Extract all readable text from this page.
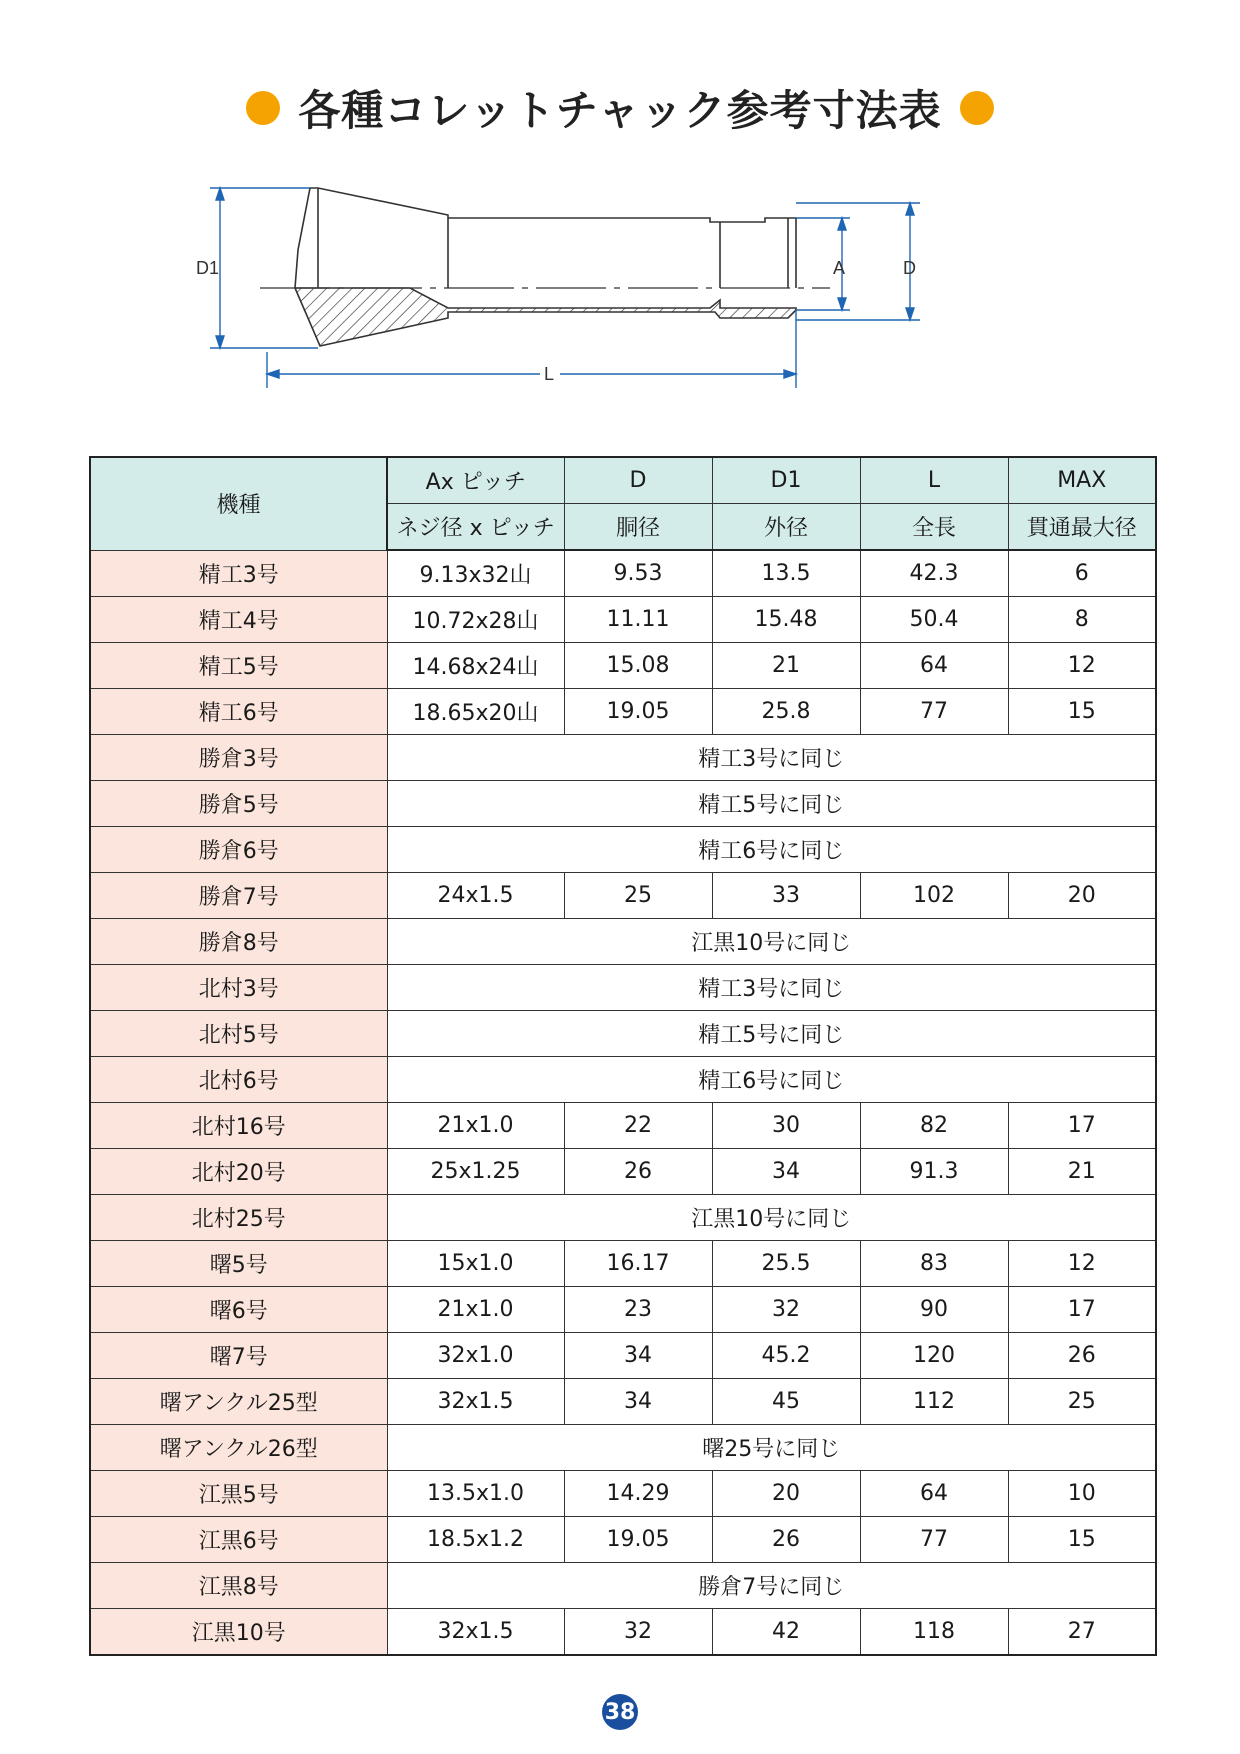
各種コレットチャック参考寸法表
D1	A	D
L
機種	Ax ピッチ	D	D1	L	MAX
	ネジ径 x ピッチ	胴径	外径	全長	貫通最大径
精工3号	9.13x32山	9.53	13.5	42.3	6
精工4号	10.72x28山	11.11	15.48	50.4	8
精工5号	14.68x24山	15.08	21	64	12
精工6号	18.65x20山	19.05	25.8	77	15
勝倉3号	精工3号に同じ				
勝倉5号	精工5号に同じ				
勝倉6号	精工6号に同じ				
勝倉7号	24x1.5	25	33	102	20
勝倉8号	江黒10号に同じ				
北村3号	精工3号に同じ				
北村5号	精工5号に同じ				
北村6号	精工6号に同じ				
北村16号	21x1.0	22	30	82	17
北村20号	25x1.25	26	34	91.3	21
北村25号	江黒10号に同じ				
曙5号	15x1.0	16.17	25.5	83	12
曙6号	21x1.0	23	32	90	17
曙7号	32x1.0	34	45.2	120	26
曙アンクル25型	32x1.5	34	45	112	25
曙アンクル26型	曙25号に同じ				
江黒5号	13.5x1.0	14.29	20	64	10
江黒6号	18.5x1.2	19.05	26	77	15
江黒8号	勝倉7号に同じ				
江黒10号	32x1.5	32	42	118	27
38
